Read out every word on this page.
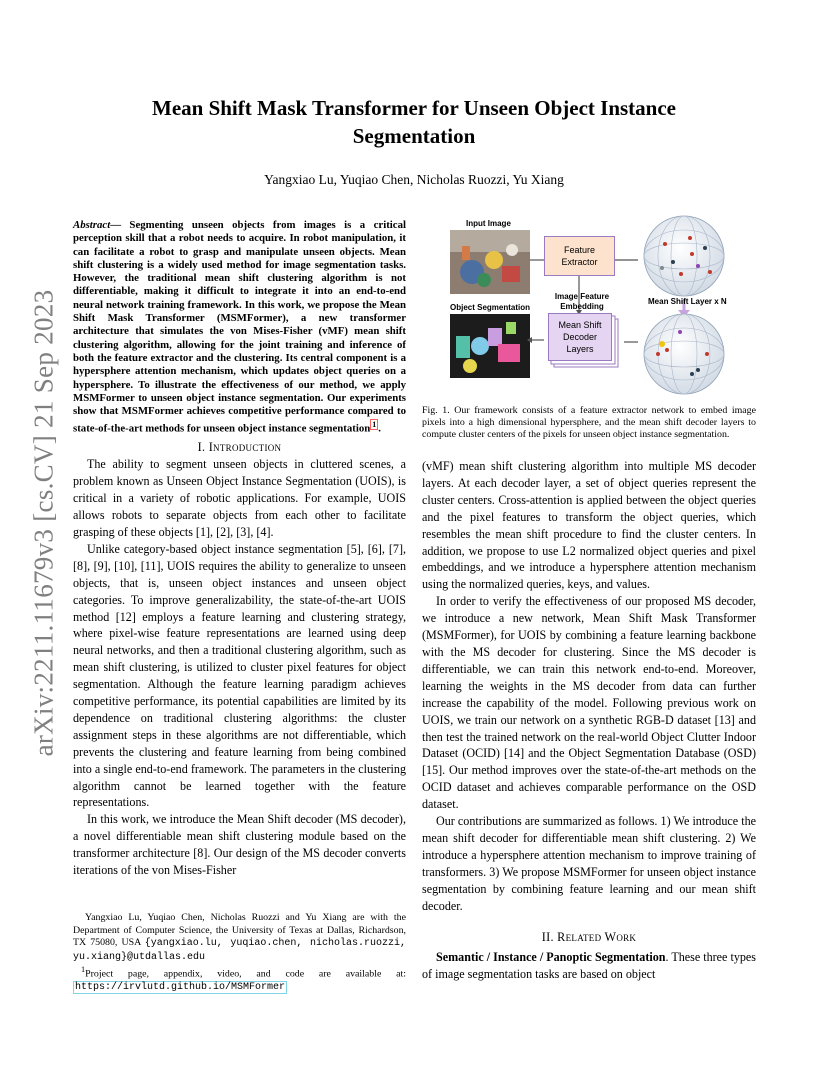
arXiv:2211.11679v3 [cs.CV] 21 Sep 2023
Mean Shift Mask Transformer for Unseen Object Instance Segmentation
Yangxiao Lu, Yuqiao Chen, Nicholas Ruozzi, Yu Xiang

Abstract— Segmenting unseen objects from images is a critical perception skill that a robot needs to acquire. In robot manipulation, it can facilitate a robot to grasp and manipulate unseen objects. Mean shift clustering is a widely used method for image segmentation tasks. However, the traditional mean shift clustering algorithm is not differentiable, making it difficult to integrate it into an end-to-end neural network training framework. In this work, we propose the Mean Shift Mask Transformer (MSMFormer), a new transformer architecture that simulates the von Mises-Fisher (vMF) mean shift clustering algorithm, allowing for the joint training and inference of both the feature extractor and the clustering. Its central component is a hypersphere attention mechanism, which updates object queries on a hypersphere. To illustrate the effectiveness of our method, we apply MSMFormer to unseen object instance segmentation. Our experiments show that MSMFormer achieves competitive performance compared to state-of-the-art methods for unseen object instance segmentation $^1$ .

I. Introduction

The ability to segment unseen objects in cluttered scenes, a problem known as Unseen Object Instance Segmentation (UOIS), is critical in a variety of robotic applications. For example, UOIS allows robots to separate objects from each other to facilitate grasping of these objects [1], [2], [3], [4].

Unlike category-based object instance segmentation [5], [6], [7], [8], [9], [10], [11], UOIS requires the ability to generalize to unseen objects, that is, unseen object instances and unseen object categories. To improve generalizability, the state-of-the-art UOIS method [12] employs a feature learning and clustering strategy, where pixel-wise feature representations are learned using deep neural networks, and then a traditional clustering algorithm, such as mean shift clustering, is utilized to cluster pixel features for object segmentation. Although the feature learning paradigm achieves competitive performance, its potential capabilities are limited by its dependence on traditional clustering algorithms: the cluster assignment steps in these algorithms are not differentiable, which prevents the clustering and feature learning from being combined into a single end-to-end framework. The parameters in the clustering algorithm cannot be learned together with the feature representations.

In this work, we introduce the Mean Shift decoder (MS decoder), a novel differentiable mean shift clustering module based on the transformer architecture [8]. Our design of the MS decoder converts iterations of the von Mises-Fisher

Yangxiao Lu, Yuqiao Chen, Nicholas Ruozzi and Yu Xiang are with the Department of Computer Science, the University of Texas at Dallas, Richardson, TX 75080, USA {yangxiao.lu, yuqiao.chen, nicholas.ruozzi, yu.xiang}@utdallas.edu

$^1$Project page, appendix, video, and code are available at: https://irvlutd.github.io/MSMFormer

Input Image
Object Segmentation
Feature Extractor
Image Feature Embedding
Mean Shift Decoder Layers
Mean Shift Layer x N

Fig. 1. Our framework consists of a feature extractor network to embed image pixels into a high dimensional hypersphere, and the mean shift decoder layers to compute cluster centers of the pixels for unseen object instance segmentation.

(vMF) mean shift clustering algorithm into multiple MS decoder layers. At each decoder layer, a set of object queries represent the cluster centers. Cross-attention is applied between the object queries and the pixel features to transform the object queries, which resembles the mean shift procedure to find the cluster centers. In addition, we propose to use L2 normalized object queries and pixel embeddings, and we introduce a hypersphere attention mechanism using the normalized queries, keys, and values.

In order to verify the effectiveness of our proposed MS decoder, we introduce a new network, Mean Shift Mask Transformer (MSMFormer), for UOIS by combining a feature learning backbone with the MS decoder for clustering. Since the MS decoder is differentiable, we can train this network end-to-end. Moreover, learning the weights in the MS decoder from data can further increase the capability of the model. Following previous work on UOIS, we train our network on a synthetic RGB-D dataset [13] and then test the trained network on the real-world Object Clutter Indoor Dataset (OCID) [14] and the Object Segmentation Database (OSD) [15]. Our method improves over the state-of-the-art methods on the OCID dataset and achieves comparable performance on the OSD dataset.

Our contributions are summarized as follows. 1) We introduce the mean shift decoder for differentiable mean shift clustering. 2) We introduce a hypersphere attention mechanism to improve training of transformers. 3) We propose MSMFormer for unseen object instance segmentation by combining feature learning and our mean shift decoder.

II. Related Work

Semantic / Instance / Panoptic Segmentation. These three types of image segmentation tasks are based on object
